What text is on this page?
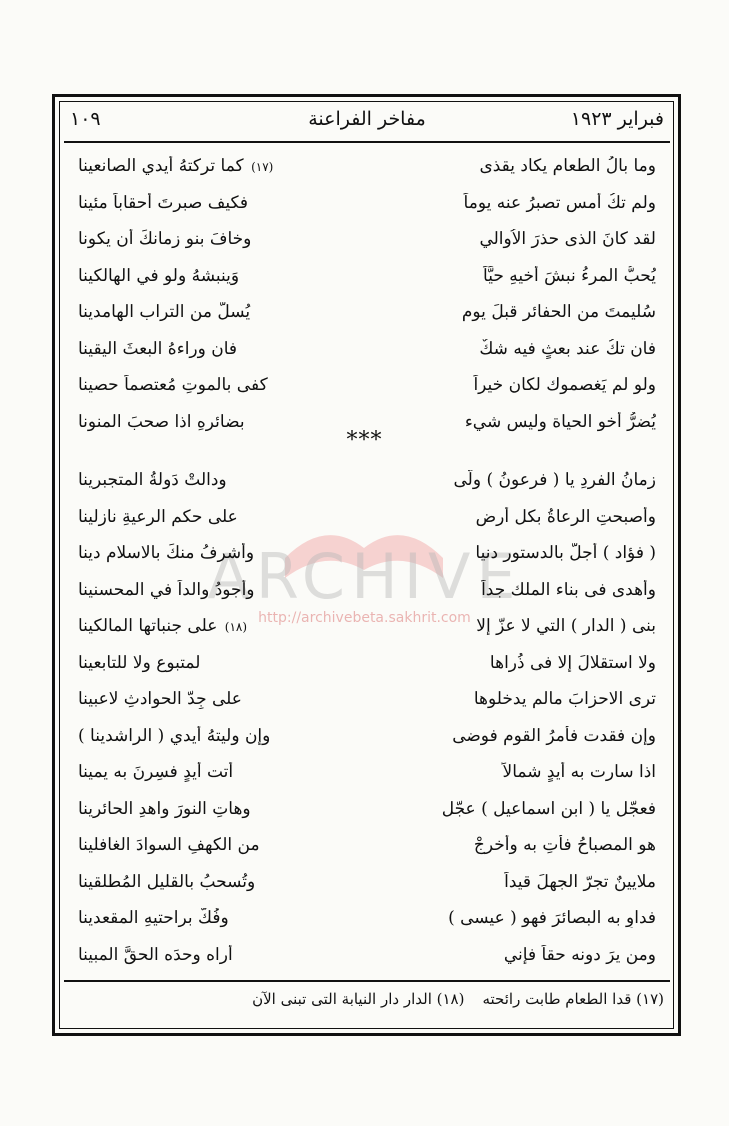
فبراير ١٩٢٣
مفاخر الفراعنة
١٠٩
ARCHIVE
http://archivebeta.sakhrit.com
وما بالُ الطعامِ يكاد يقذى
(١٧) كما تركتهُ أيدي الصانعينا
ولم تكُ أمس تصبرُ عنه يوماً
فكيف صبرتَ أحقاباً مئينا
لقد كانَ الذى حذرَ الاُوالي
وخافَ بنو زمانكَ أن يكونا
يُحبُّ المرءُ نبشَ أخيهِ حيَّاً
وَينبشهُ ولو في الهالكينا
سُليمتَ من الحفائر قبلَ يوم
يُسلُّ من التراب الهامدينا
فان تكُ عند بعثٍ فيه شكٌ
فان وراءهُ البعثَ اليقينا
ولو لم يَغصموك لكان خيراً
كفى بالموتِ مُعتصماً حصينا
يُضرُّ أخو الحياة وليس شيء
بضائرهِ اذا صحبَ المنونا
***
زمانُ الفردِ يا ( فرعونُ ) ولّى
ودالتْ دَولةُ المتجبرينا
وأصبحتِ الرعاةُ بكل أرضٍ
على حكمِ الرعيةِ نازلينا
( فؤاد ) أجلُّ بالدستور دنيا
وأشرفُ منكَ بالاسلام دينا
وأهدى فى بناء الملك جداً
وأجودُ والداً في المحسنينا
بنى ( الدار ) التي لا عزّ إلا
(١٨) على جنباتها المالكينا
ولا استقلالَ إلا فى ذُراها
لمتبوعٍ ولا للتابعينا
ترى الاحزابَ مالم يدخلوها
على جِدّ الحوادثِ لاعبينا
وإن فقدت فأمرُ القومِ فوضى
وإن وليتهُ أيدي ( الراشدينا )
اذا سارت به أيدٍ شمالاً
أتت أيدٍ فسِرنَ به يمينا
فعجّل يا ( ابن اسماعيل ) عجّل
وهاتِ النورَ واهدِ الحائرينا
هو المصباحُ فأتِ به وأخرجْ
من الكهفِ السوادَ الغافلينا
ملايينٌ تجرّ الجهلَ قيداً
وتُسحبُ بالقليل المُطلقينا
فداوِ به البصائرَ فهو ( عيسى )
وفُكَّ براحتيهِ المقعدينا
ومن يرَ دونه حقاً فإني
أراه وحدَه الحقَّ المبينا
(١٧) قدا الطعام طابت رائحته
(١٨) الدار دار النيابة التى تبنى الآن
